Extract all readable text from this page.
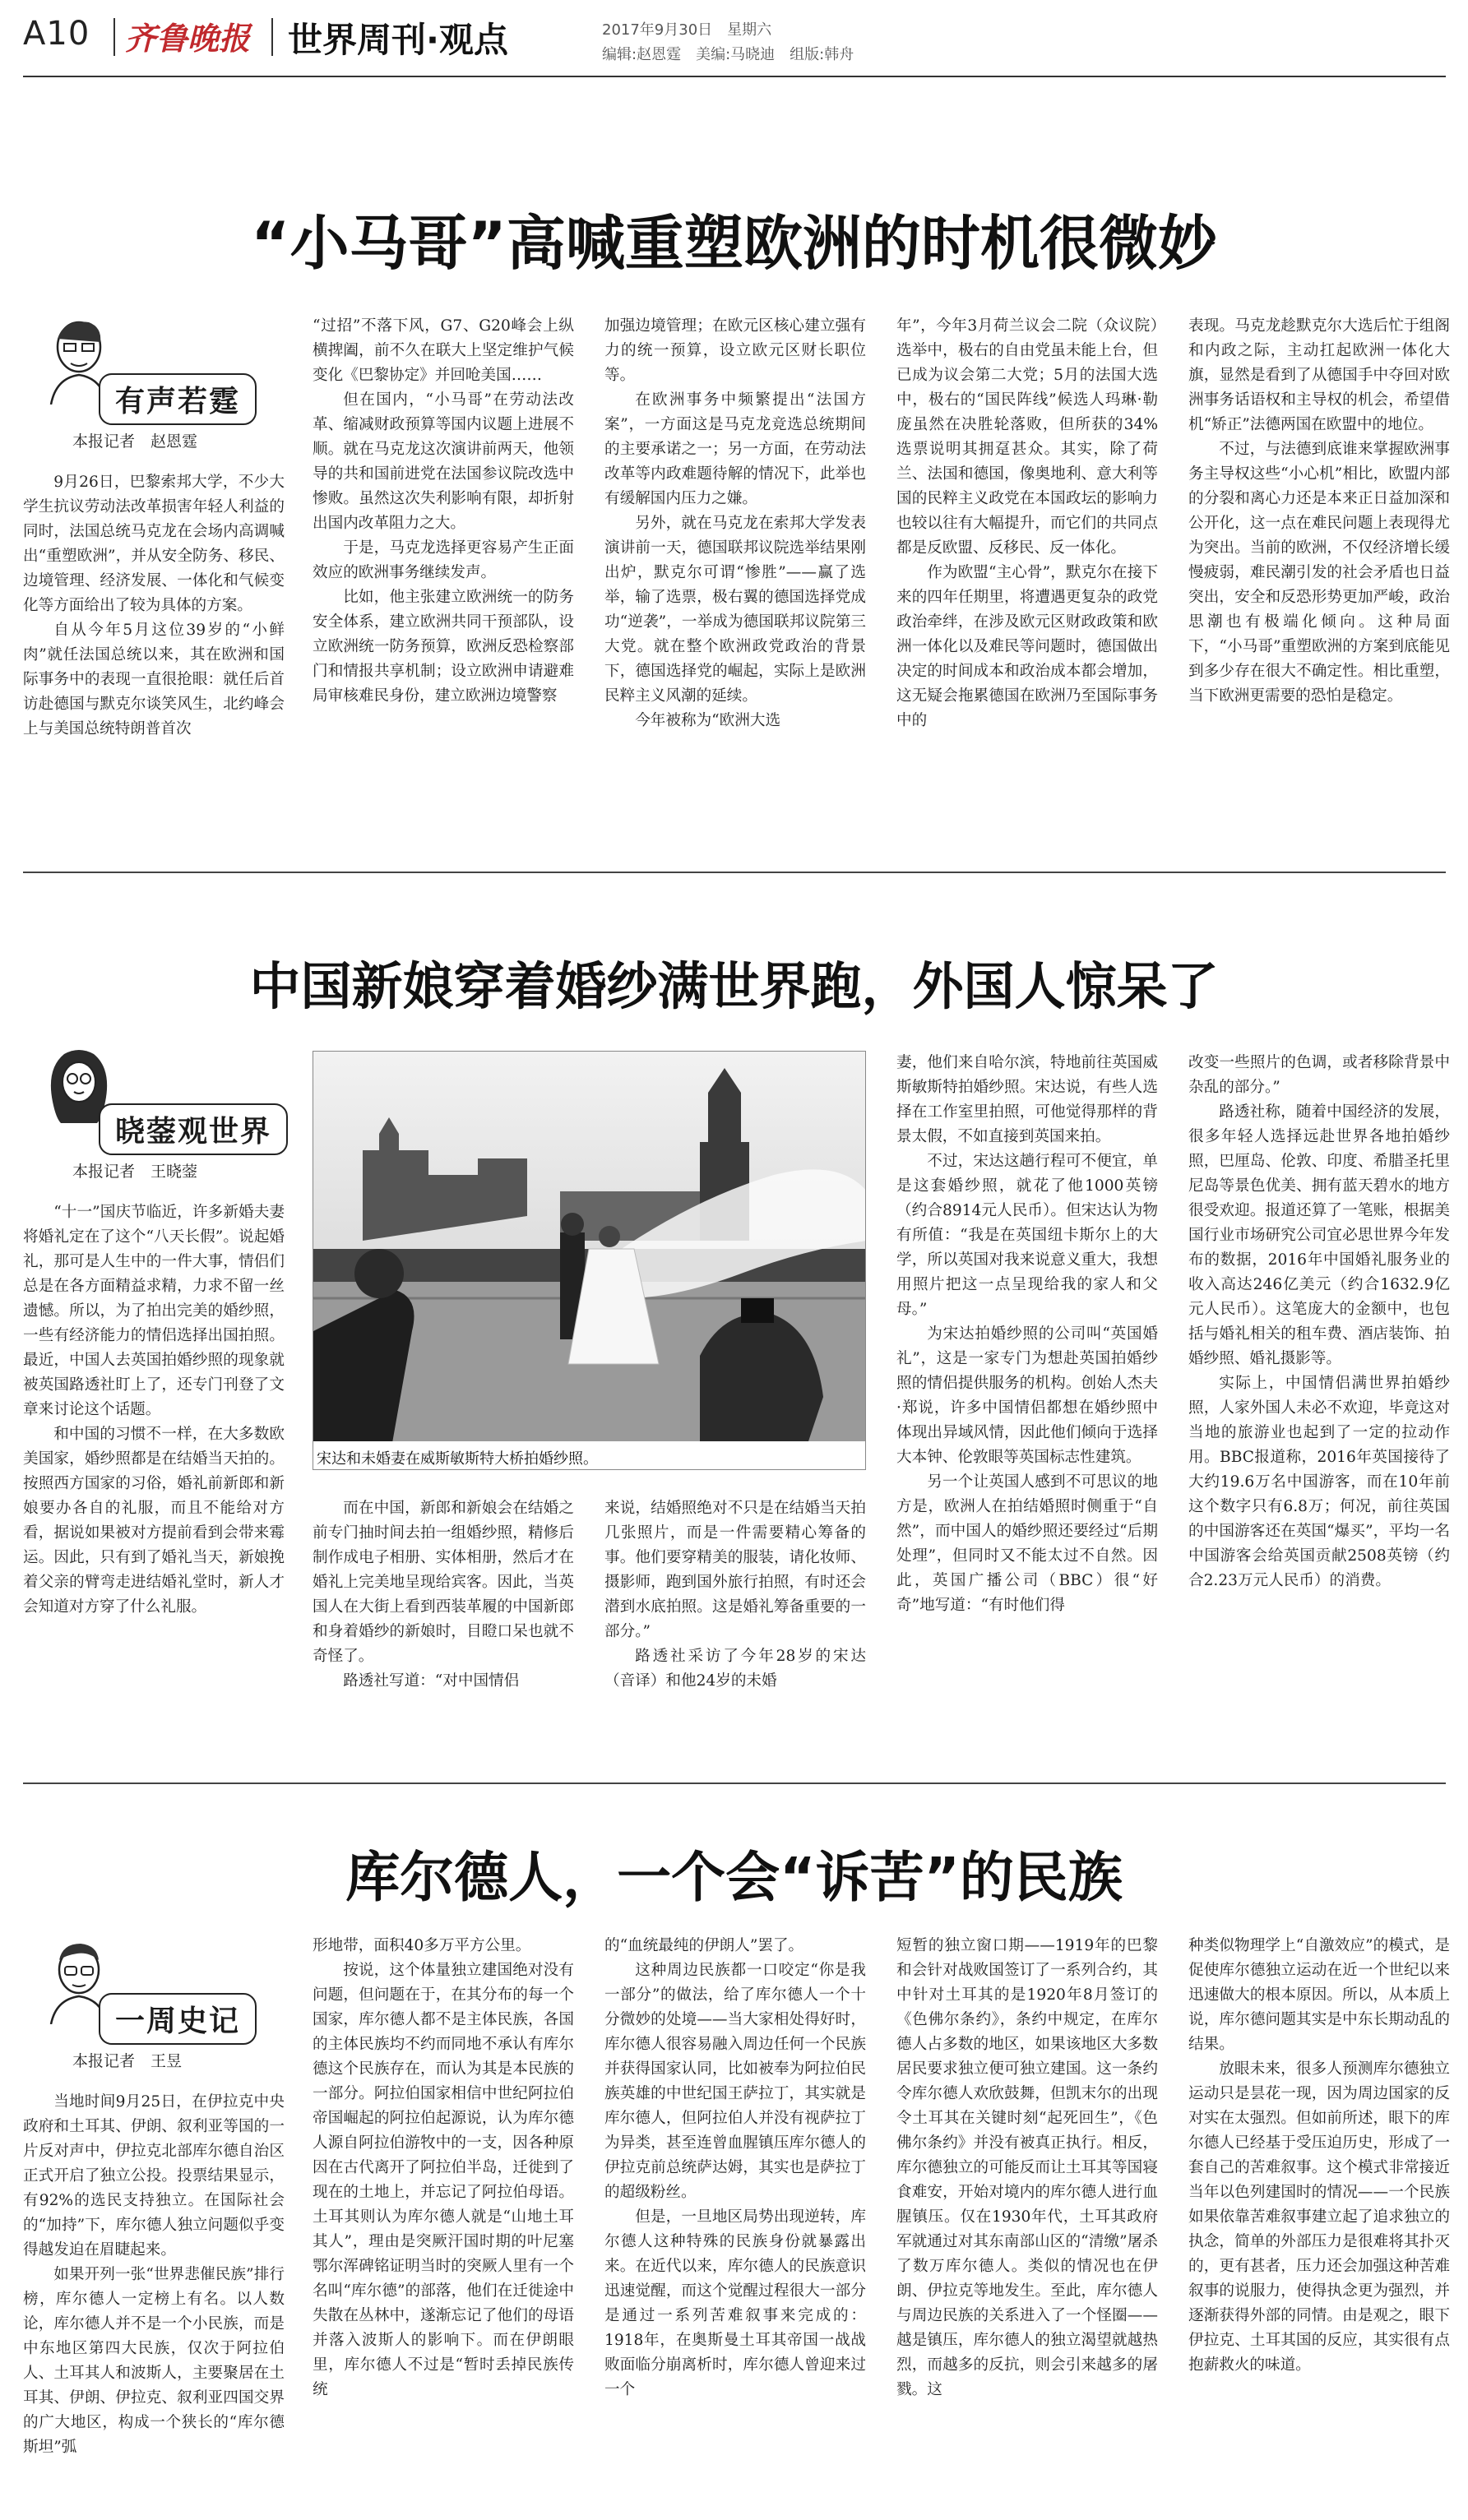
A10 齐鲁晚报 世界周刊·观点	2017年9月30日　星期六
编辑:赵恩霆　美编:马晓迪　组版:韩舟
“小马哥”高喊重塑欧洲的时机很微妙
有声若霆
本报记者　赵恩霆

9月26日，巴黎索邦大学，不少大学生抗议劳动法改革损害年轻人利益的同时，法国总统马克龙在会场内高调喊出“重塑欧洲”，并从安全防务、移民、边境管理、经济发展、一体化和气候变化等方面给出了较为具体的方案。

自从今年5月这位39岁的“小鲜肉”就任法国总统以来，其在欧洲和国际事务中的表现一直很抢眼：就任后首访赴德国与默克尔谈笑风生，北约峰会上与美国总统特朗普首次

“过招”不落下风，G7、G20峰会上纵横捭阖，前不久在联大上坚定维护气候变化《巴黎协定》并回呛美国……

但在国内，“小马哥”在劳动法改革、缩减财政预算等国内议题上进展不顺。就在马克龙这次演讲前两天，他领导的共和国前进党在法国参议院改选中惨败。虽然这次失利影响有限，却折射出国内改革阻力之大。

于是，马克龙选择更容易产生正面效应的欧洲事务继续发声。

比如，他主张建立欧洲统一的防务安全体系，建立欧洲共同干预部队，设立欧洲统一防务预算，欧洲反恐检察部门和情报共享机制；设立欧洲申请避难局审核难民身份，建立欧洲边境警察

加强边境管理；在欧元区核心建立强有力的统一预算，设立欧元区财长职位等。

在欧洲事务中频繁提出“法国方案”，一方面这是马克龙竞选总统期间的主要承诺之一；另一方面，在劳动法改革等内政难题待解的情况下，此举也有缓解国内压力之嫌。

另外，就在马克龙在索邦大学发表演讲前一天，德国联邦议院选举结果刚出炉，默克尔可谓“惨胜”——赢了选举，输了选票，极右翼的德国选择党成功“逆袭”，一举成为德国联邦议院第三大党。就在整个欧洲政党政治的背景下，德国选择党的崛起，实际上是欧洲民粹主义风潮的延续。

今年被称为“欧洲大选

年”，今年3月荷兰议会二院（众议院）选举中，极右的自由党虽未能上台，但已成为议会第二大党；5月的法国大选中，极右的“国民阵线”候选人玛琳·勒庞虽然在决胜轮落败，但所获的34%选票说明其拥趸甚众。其实，除了荷兰、法国和德国，像奥地利、意大利等国的民粹主义政党在本国政坛的影响力也较以往有大幅提升，而它们的共同点都是反欧盟、反移民、反一体化。

作为欧盟“主心骨”，默克尔在接下来的四年任期里，将遭遇更复杂的政党政治牵绊，在涉及欧元区财政政策和欧洲一体化以及难民等问题时，德国做出决定的时间成本和政治成本都会增加，这无疑会拖累德国在欧洲乃至国际事务中的

表现。马克龙趁默克尔大选后忙于组阁和内政之际，主动扛起欧洲一体化大旗，显然是看到了从德国手中夺回对欧洲事务话语权和主导权的机会，希望借机“矫正”法德两国在欧盟中的地位。

不过，与法德到底谁来掌握欧洲事务主导权这些“小心机”相比，欧盟内部的分裂和离心力还是本来正日益加深和公开化，这一点在难民问题上表现得尤为突出。当前的欧洲，不仅经济增长缓慢疲弱，难民潮引发的社会矛盾也日益突出，安全和反恐形势更加严峻，政治思潮也有极端化倾向。这种局面下，“小马哥”重塑欧洲的方案到底能见到多少存在很大不确定性。相比重塑，当下欧洲更需要的恐怕是稳定。

中国新娘穿着婚纱满世界跑，外国人惊呆了
晓蓥观世界
本报记者　王晓蓥

“十一”国庆节临近，许多新婚夫妻将婚礼定在了这个“八天长假”。说起婚礼，那可是人生中的一件大事，情侣们总是在各方面精益求精，力求不留一丝遗憾。所以，为了拍出完美的婚纱照，一些有经济能力的情侣选择出国拍照。最近，中国人去英国拍婚纱照的现象就被英国路透社盯上了，还专门刊登了文章来讨论这个话题。

和中国的习惯不一样，在大多数欧美国家，婚纱照都是在结婚当天拍的。按照西方国家的习俗，婚礼前新郎和新娘要办各自的礼服，而且不能给对方看，据说如果被对方提前看到会带来霉运。因此，只有到了婚礼当天，新娘挽着父亲的臂弯走进结婚礼堂时，新人才会知道对方穿了什么礼服。

宋达和未婚妻在威斯敏斯特大桥拍婚纱照。

而在中国，新郎和新娘会在结婚之前专门抽时间去拍一组婚纱照，精修后制作成电子相册、实体相册，然后才在婚礼上完美地呈现给宾客。因此，当英国人在大街上看到西装革履的中国新郎和身着婚纱的新娘时，目瞪口呆也就不奇怪了。

路透社写道：“对中国情侣

来说，结婚照绝对不只是在结婚当天拍几张照片，而是一件需要精心筹备的事。他们要穿精美的服装，请化妆师、摄影师，跑到国外旅行拍照，有时还会潜到水底拍照。这是婚礼筹备重要的一部分。”

路透社采访了今年28岁的宋达（音译）和他24岁的未婚

妻，他们来自哈尔滨，特地前往英国威斯敏斯特拍婚纱照。宋达说，有些人选择在工作室里拍照，可他觉得那样的背景太假，不如直接到英国来拍。

不过，宋达这趟行程可不便宜，单是这套婚纱照，就花了他1000英镑（约合8914元人民币）。但宋达认为物有所值：“我是在英国纽卡斯尔上的大学，所以英国对我来说意义重大，我想用照片把这一点呈现给我的家人和父母。”

为宋达拍婚纱照的公司叫“英国婚礼”，这是一家专门为想赴英国拍婚纱照的情侣提供服务的机构。创始人杰夫·郑说，许多中国情侣都想在婚纱照中体现出异域风情，因此他们倾向于选择大本钟、伦敦眼等英国标志性建筑。

另一个让英国人感到不可思议的地方是，欧洲人在拍结婚照时侧重于“自然”，而中国人的婚纱照还要经过“后期处理”，但同时又不能太过不自然。因此，英国广播公司（BBC）很“好奇”地写道：“有时他们得

改变一些照片的色调，或者移除背景中杂乱的部分。”

路透社称，随着中国经济的发展，很多年轻人选择远赴世界各地拍婚纱照，巴厘岛、伦敦、印度、希腊圣托里尼岛等景色优美、拥有蓝天碧水的地方很受欢迎。报道还算了一笔账，根据美国行业市场研究公司宜必思世界今年发布的数据，2016年中国婚礼服务业的收入高达246亿美元（约合1632.9亿元人民币）。这笔庞大的金额中，也包括与婚礼相关的租车费、酒店装饰、拍婚纱照、婚礼摄影等。

实际上，中国情侣满世界拍婚纱照，人家外国人未必不欢迎，毕竟这对当地的旅游业也起到了一定的拉动作用。BBC报道称，2016年英国接待了大约19.6万名中国游客，而在10年前这个数字只有6.8万；何况，前往英国的中国游客还在英国“爆买”，平均一名中国游客会给英国贡献2508英镑（约合2.23万元人民币）的消费。

库尔德人，一个会“诉苦”的民族
一周史记
本报记者　王昱

当地时间9月25日，在伊拉克中央政府和土耳其、伊朗、叙利亚等国的一片反对声中，伊拉克北部库尔德自治区正式开启了独立公投。投票结果显示，有92%的选民支持独立。在国际社会的“加持”下，库尔德人独立问题似乎变得越发迫在眉睫起来。

如果开列一张“世界悲催民族”排行榜，库尔德人一定榜上有名。以人数论，库尔德人并不是一个小民族，而是中东地区第四大民族，仅次于阿拉伯人、土耳其人和波斯人，主要聚居在土耳其、伊朗、伊拉克、叙利亚四国交界的广大地区，构成一个狭长的“库尔德斯坦”弧

形地带，面积40多万平方公里。

按说，这个体量独立建国绝对没有问题，但问题在于，在其分布的每一个国家，库尔德人都不是主体民族，各国的主体民族均不约而同地不承认有库尔德这个民族存在，而认为其是本民族的一部分。阿拉伯国家相信中世纪阿拉伯帝国崛起的阿拉伯起源说，认为库尔德人源自阿拉伯游牧中的一支，因各种原因在古代离开了阿拉伯半岛，迁徙到了现在的土地上，并忘记了阿拉伯母语。土耳其则认为库尔德人就是“山地土耳其人”，理由是突厥汗国时期的叶尼塞鄂尔浑碑铭证明当时的突厥人里有一个名叫“库尔德”的部落，他们在迁徙途中失散在丛林中，遂渐忘记了他们的母语并落入波斯人的影响下。而在伊朗眼里，库尔德人不过是“暂时丢掉民族传统

的“血统最纯的伊朗人”罢了。

这种周边民族都一口咬定“你是我一部分”的做法，给了库尔德人一个十分微妙的处境——当大家相处得好时，库尔德人很容易融入周边任何一个民族并获得国家认同，比如被奉为阿拉伯民族英雄的中世纪国王萨拉丁，其实就是库尔德人，但阿拉伯人并没有视萨拉丁为异类，甚至连曾血腥镇压库尔德人的伊拉克前总统萨达姆，其实也是萨拉丁的超级粉丝。

但是，一旦地区局势出现逆转，库尔德人这种特殊的民族身份就暴露出来。在近代以来，库尔德人的民族意识迅速觉醒，而这个觉醒过程很大一部分是通过一系列苦难叙事来完成的：1918年，在奥斯曼土耳其帝国一战战败面临分崩离析时，库尔德人曾迎来过一个

短暂的独立窗口期——1919年的巴黎和会针对战败国签订了一系列合约，其中针对土耳其的是1920年8月签订的《色佛尔条约》，条约中规定，在库尔德人占多数的地区，如果该地区大多数居民要求独立便可独立建国。这一条约令库尔德人欢欣鼓舞，但凯末尔的出现令土耳其在关键时刻“起死回生”，《色佛尔条约》并没有被真正执行。相反，库尔德独立的可能反而让土耳其等国寝食难安，开始对境内的库尔德人进行血腥镇压。仅在1930年代，土耳其政府军就通过对其东南部山区的“清缴”屠杀了数万库尔德人。类似的情况也在伊朗、伊拉克等地发生。至此，库尔德人与周边民族的关系进入了一个怪圈——越是镇压，库尔德人的独立渴望就越热烈，而越多的反抗，则会引来越多的屠戮。这

种类似物理学上“自激效应”的模式，是促使库尔德独立运动在近一个世纪以来迅速做大的根本原因。所以，从本质上说，库尔德问题其实是中东长期动乱的结果。

放眼未来，很多人预测库尔德独立运动只是昙花一现，因为周边国家的反对实在太强烈。但如前所述，眼下的库尔德人已经基于受压迫历史，形成了一套自己的苦难叙事。这个模式非常接近当年以色列建国时的情况——一个民族如果依靠苦难叙事建立起了追求独立的执念，简单的外部压力是很难将其扑灭的，更有甚者，压力还会加强这种苦难叙事的说服力，使得执念更为强烈，并逐渐获得外部的同情。由是观之，眼下伊拉克、土耳其国的反应，其实很有点抱薪救火的味道。
